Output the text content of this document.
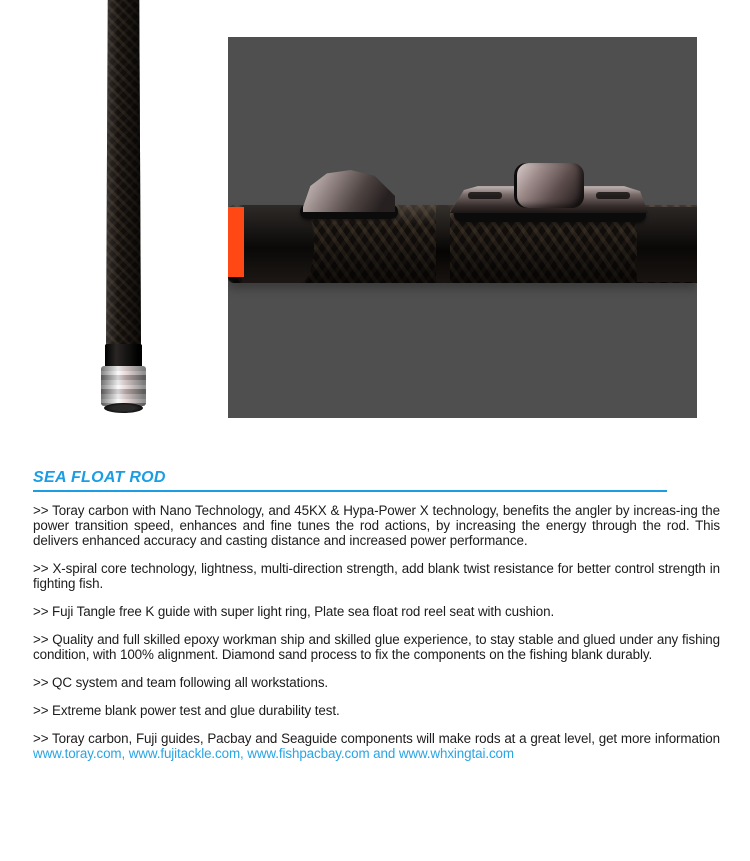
SEA FLOAT ROD

>> Toray carbon with Nano Technology, and 45KX & Hypa-Power X technology, benefits the angler by increas-ing the power transition speed, enhances and fine tunes the rod actions, by increasing the energy through the rod. This delivers enhanced accuracy and casting distance and increased power performance.

>> X-spiral core technology, lightness, multi-direction strength, add blank twist resistance for better control strength in fighting fish.

>> Fuji Tangle free K guide with super light ring, Plate sea float rod reel seat with cushion.

>> Quality and full skilled epoxy workman ship and skilled glue experience, to stay stable and glued under any fishing condition, with 100% alignment. Diamond sand process to fix the components on the fishing blank durably.

>> QC system and team following all workstations.

>> Extreme blank power test and glue durability test.

>> Toray carbon, Fuji guides, Pacbay and Seaguide components will make rods at a great level, get more information www.toray.com, www.fujitackle.com, www.fishpacbay.com and www.whxingtai.com
